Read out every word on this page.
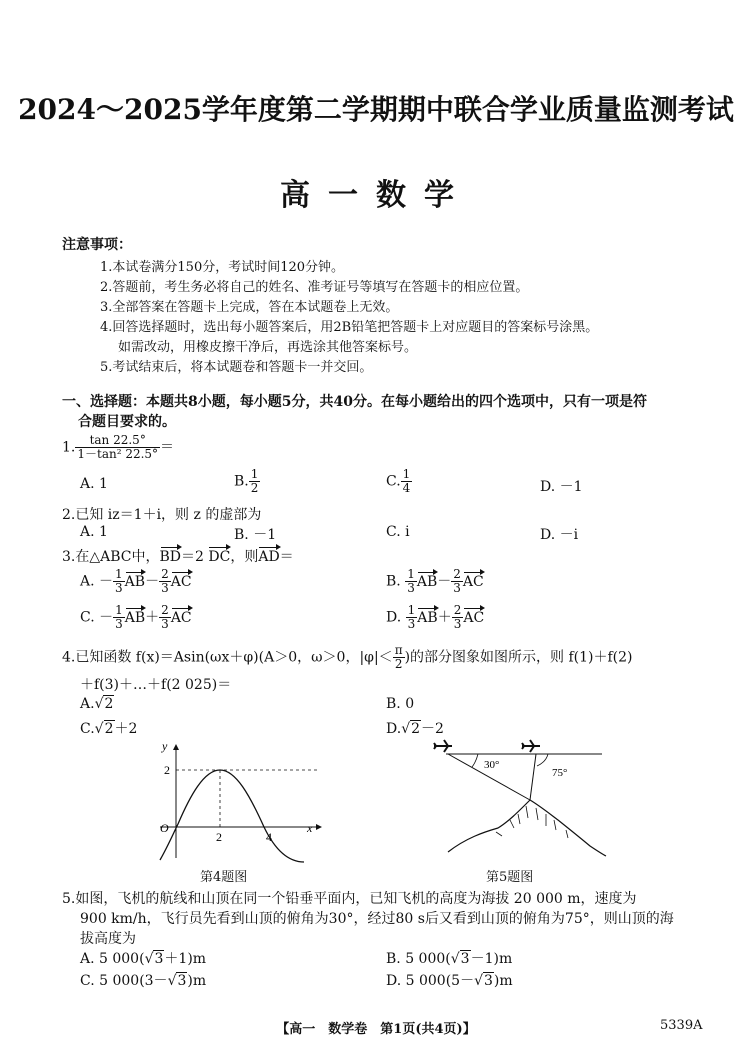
2024～2025学年度第二学期期中联合学业质量监测考试
高一数学
注意事项：
1.本试卷满分150分，考试时间120分钟。
2.答题前，考生务必将自己的姓名、准考证号等填写在答题卡的相应位置。
3.全部答案在答题卡上完成，答在本试题卷上无效。
4.回答选择题时，选出每小题答案后，用2B铅笔把答题卡上对应题目的答案标号涂黑。
如需改动，用橡皮擦干净后，再选涂其他答案标号。
5.考试结束后，将本试题卷和答题卡一并交回。
一、选择题：本题共8小题，每小题5分，共40分。在每小题给出的四个选项中，只有一项是符
合题目要求的。
1. $\frac{\tan 22.5^\circ}{\text{1－tan² 22.5°}}$ ＝
A. 1	B. $\frac{1}{2}$	C. $\frac{1}{4}$	D. －1
2.已知 iz＝1＋i，则 z 的虚部为
A. 1	B. －1	C. i	D. －i
3.在△ABC中，BD＝2 DC，则AD＝
A. － $\frac{1}{3} AB- \frac{2}{3}$ AC	B. $\frac{1}{3} AB- \frac{2}{3}$ AC
C. － $\frac{1}{3} AB+ \frac{2}{3}$ AC	D. $\frac{1}{3} AB+ \frac{2}{3}$ AC
4.已知函数 f(x)＝Asin(ωx＋φ)(A＞0，ω＞0，$|\varphi|< \frac{\pi}{2}$ )的部分图象如图所示，则 f(1)＋f(2)
＋f(3)＋…＋f(2 025)＝
A.√2	B. 0
C.√2＋2	D.√2－2
y
x
O
2
2	4
第4题图
30°
75°
第5题图
5.如图，飞机的航线和山顶在同一个铅垂平面内，已知飞机的高度为海拔 20 000 m，速度为
900 km/h，飞行员先看到山顶的俯角为30°，经过80 s后又看到山顶的俯角为75°，则山顶的海
拔高度为
A. 5 000(√3＋1)m	B. 5 000(√3－1)m
C. 5 000(3－√3)m	D. 5 000(5－√3)m
【高一　数学卷　第1页(共4页)】	5339A
